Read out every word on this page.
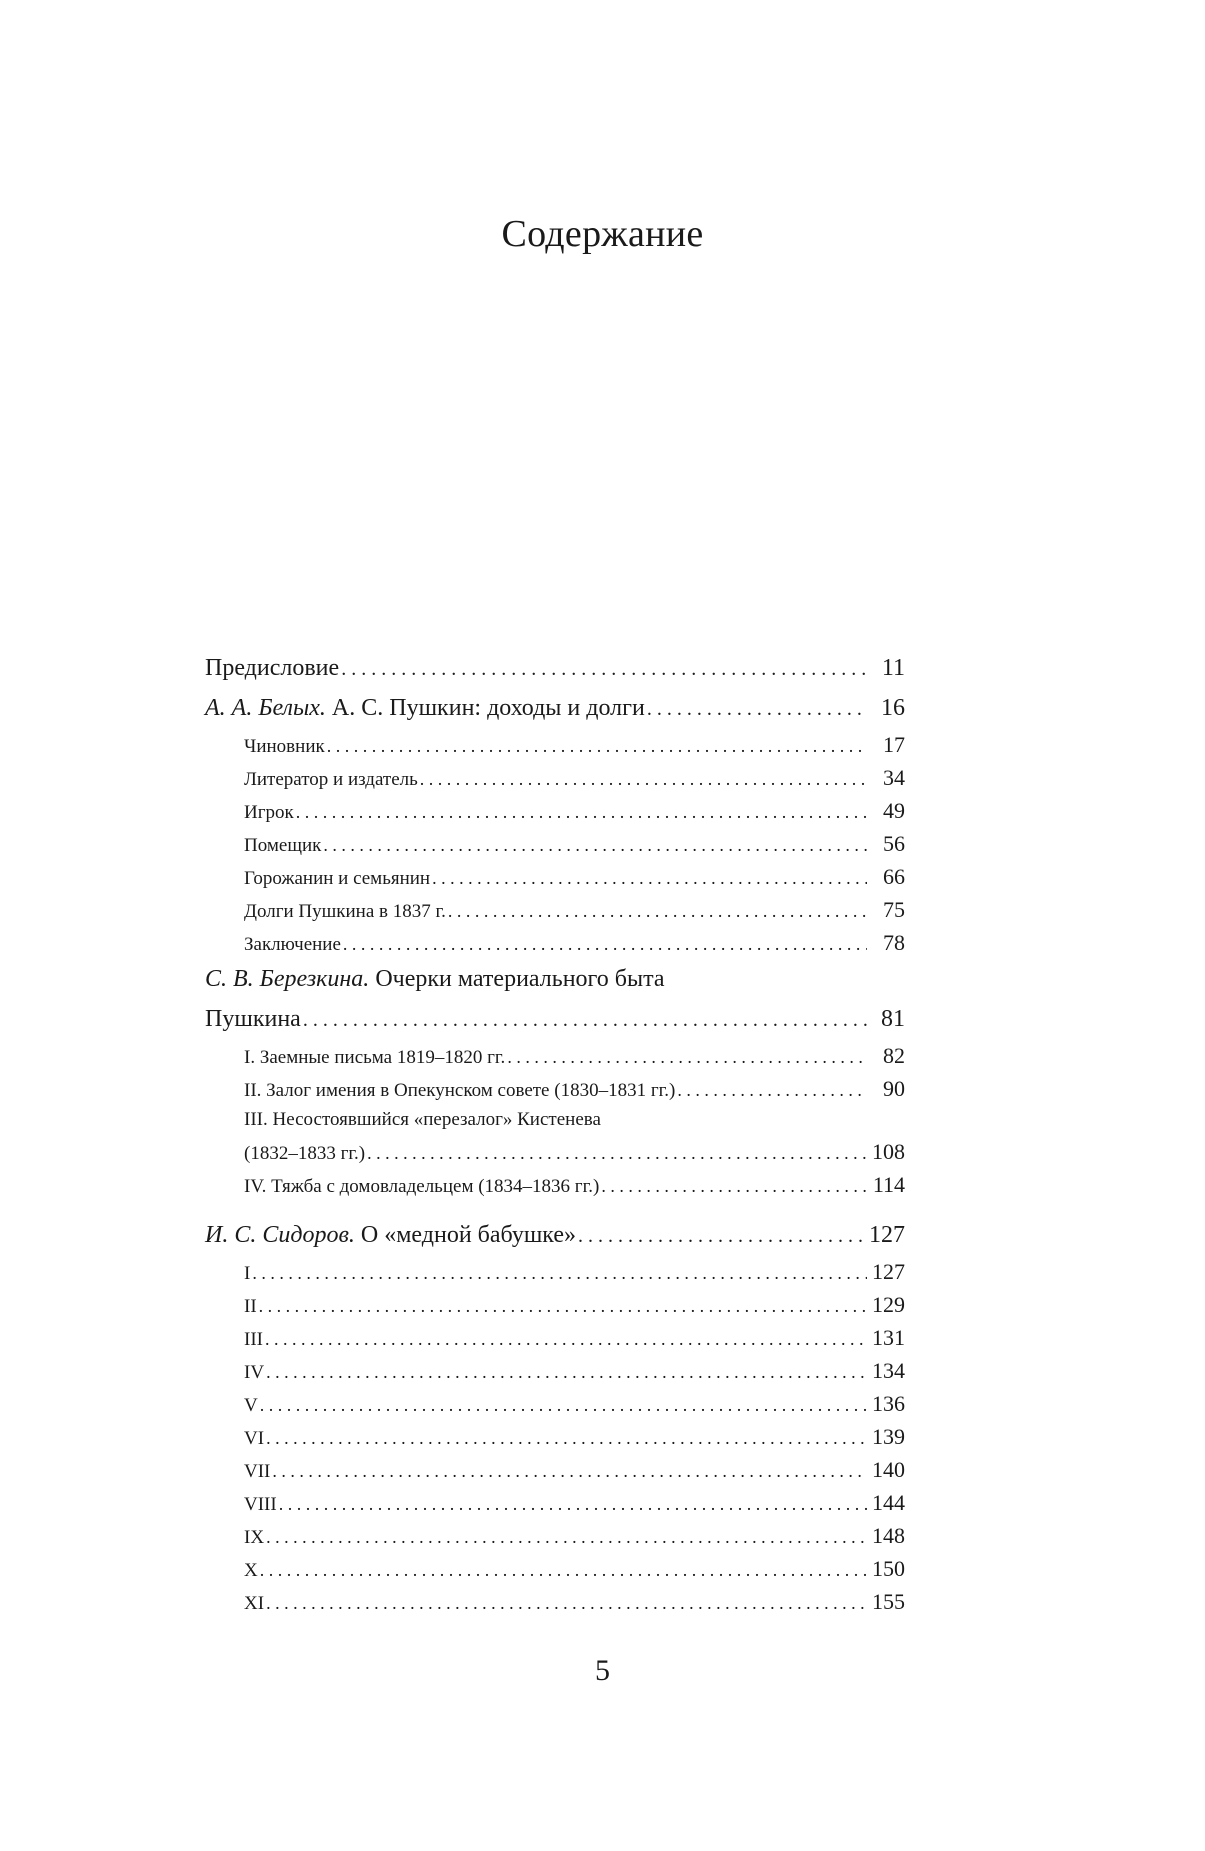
Содержание
Предисловие . . .	11
А. А. Белых. А. С. Пушкин: доходы и долги . . .	16
Чиновник . . .	17
Литератор и издатель . . .	34
Игрок . . .	49
Помещик . . .	56
Горожанин и семьянин . . .	66
Долги Пушкина в 1837 г. . . .	75
Заключение . . .	78
С. В. Березкина. Очерки материального быта
Пушкина . . .	81
I. Заемные письма 1819–1820 гг. . . .	82
II. Залог имения в Опекунском совете (1830–1831 гг.) . . .	90
III. Несостоявшийся «перезалог» Кистенева
(1832–1833 гг.) . . .	108
IV. Тяжба с домовладельцем (1834–1836 гг.) . . .	114
И. С. Сидоров. О «медной бабушке» . . .	127
I . . .	127
II . . .	129
III . . .	131
IV . . .	134
V . . .	136
VI . . .	139
VII . . .	140
VIII . . .	144
IX . . .	148
X . . .	150
XI . . .	155
5
